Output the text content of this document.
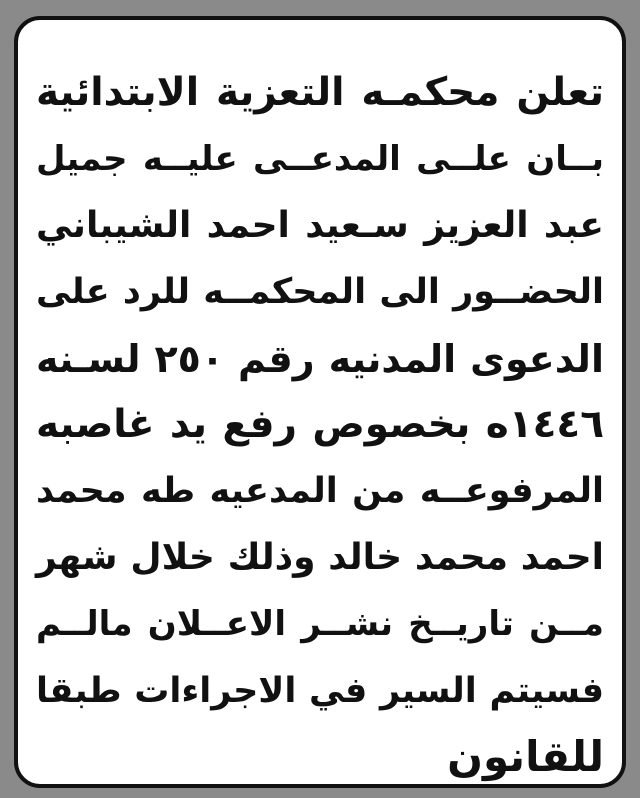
تعلن محكمـه التعزية الابتدائية
بــان علــى المدعــى عليــه جميل
عبد العزيز سـعيد احمد الشيباني
الحضــور الى المحكمــه للرد على
الدعوى المدنيه رقم ٢٥٠ لسـنه
١٤٤٦ه بخصوص رفع يد غاصبه
المرفوعــه من المدعيه طه محمد
احمد محمد خالد وذلك خلال شهر
مــن تاريــخ نشــر الاعــلان مالــم
فسيتم السير في الاجراءات طبقا
للقانون
